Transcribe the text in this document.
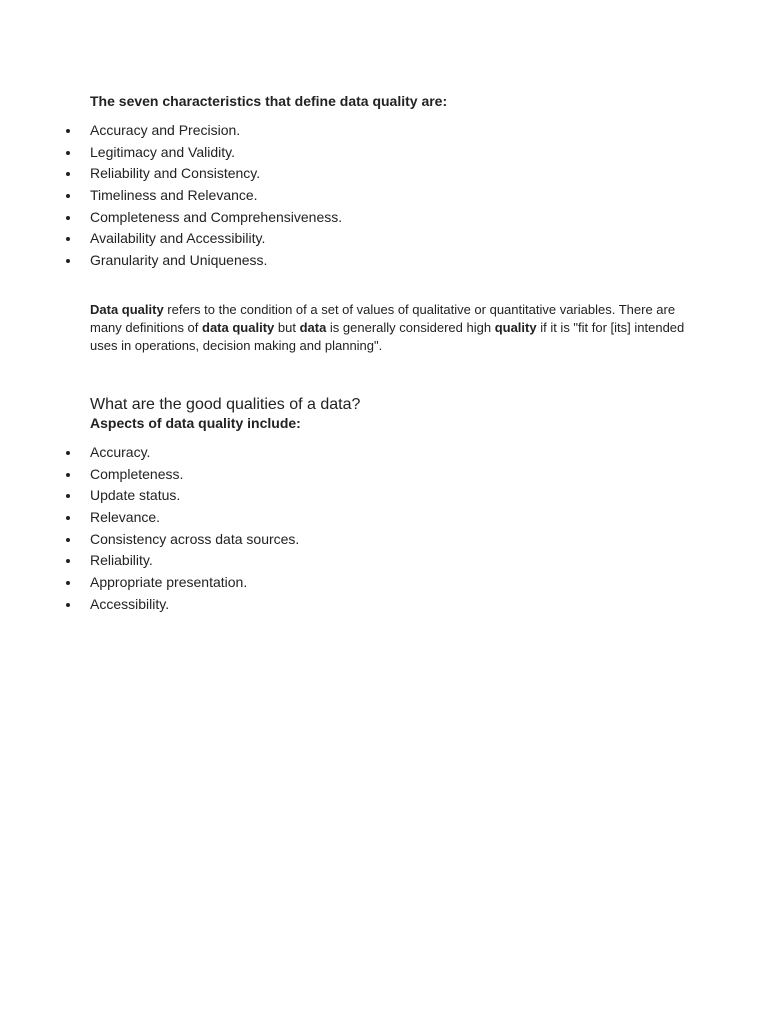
The seven characteristics that define data quality are:
Accuracy and Precision.
Legitimacy and Validity.
Reliability and Consistency.
Timeliness and Relevance.
Completeness and Comprehensiveness.
Availability and Accessibility.
Granularity and Uniqueness.

Data quality refers to the condition of a set of values of qualitative or quantitative variables. There are many definitions of data quality but data is generally considered high quality if it is "fit for [its] intended uses in operations, decision making and planning".

What are the good qualities of a data?
Aspects of data quality include:
Accuracy.
Completeness.
Update status.
Relevance.
Consistency across data sources.
Reliability.
Appropriate presentation.
Accessibility.
